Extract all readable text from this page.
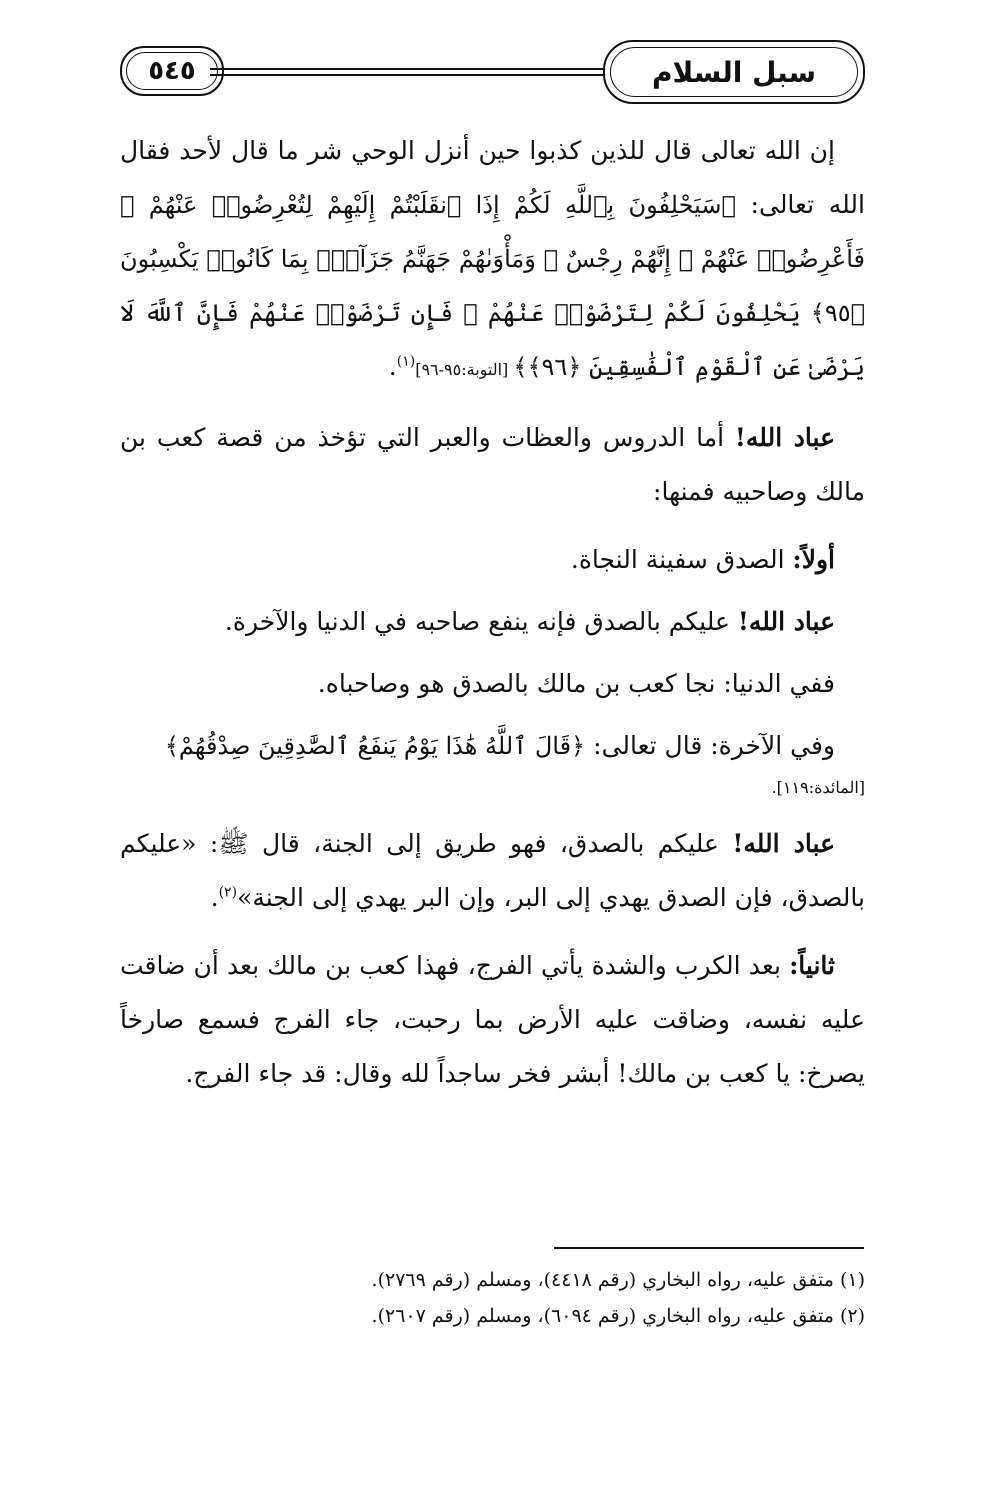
٥٤٥	سبل السلام

إن الله تعالى قال للذين كذبوا حين أنزل الوحي شر ما قال لأحد فقال الله تعالى: ﴿سَيَحْلِفُونَ بِٱللَّهِ لَكُمْ إِذَا ٱنقَلَبْتُمْ إِلَيْهِمْ لِتُعْرِضُوا۟ عَنْهُمْ ۖ فَأَعْرِضُوا۟ عَنْهُمْ ۖ إِنَّهُمْ رِجْسٌ ۖ وَمَأْوَىٰهُمْ جَهَنَّمُ جَزَآءًۢ بِمَا كَانُوا۟ يَكْسِبُونَ ﴿٩٥﴾ يَحْلِفُونَ لَكُمْ لِتَرْضَوْا۟ عَنْهُمْ ۖ فَإِن تَرْضَوْا۟ عَنْهُمْ فَإِنَّ ٱللَّهَ لَا يَرْضَىٰ عَنِ ٱلْقَوْمِ ٱلْفَٰسِقِينَ ﴿٩٦﴾﴾ [التوبة:٩٥-٩٦]$^{(١)}$.

عباد الله! أما الدروس والعظات والعبر التي تؤخذ من قصة كعب بن مالك وصاحبيه فمنها:

أولاً: الصدق سفينة النجاة.

عباد الله! عليكم بالصدق فإنه ينفع صاحبه في الدنيا والآخرة.

ففي الدنيا: نجا كعب بن مالك بالصدق هو وصاحباه.

وفي الآخرة: قال تعالى: ﴿قَالَ ٱللَّهُ هَٰذَا يَوْمُ يَنفَعُ ٱلصَّٰدِقِينَ صِدْقُهُمْ﴾
[المائدة:١١٩].

عباد الله! عليكم بالصدق، فهو طريق إلى الجنة، قال ﷺ: «عليكم بالصدق، فإن الصدق يهدي إلى البر، وإن البر يهدي إلى الجنة»$^{(٢)}$.

ثانياً: بعد الكرب والشدة يأتي الفرج، فهذا كعب بن مالك بعد أن ضاقت عليه نفسه، وضاقت عليه الأرض بما رحبت، جاء الفرج فسمع صارخاً يصرخ: يا كعب بن مالك! أبشر فخر ساجداً لله وقال: قد جاء الفرج.

(١) متفق عليه، رواه البخاري (رقم ٤٤١٨)، ومسلم (رقم ٢٧٦٩).
(٢) متفق عليه، رواه البخاري (رقم ٦٠٩٤)، ومسلم (رقم ٢٦٠٧).
